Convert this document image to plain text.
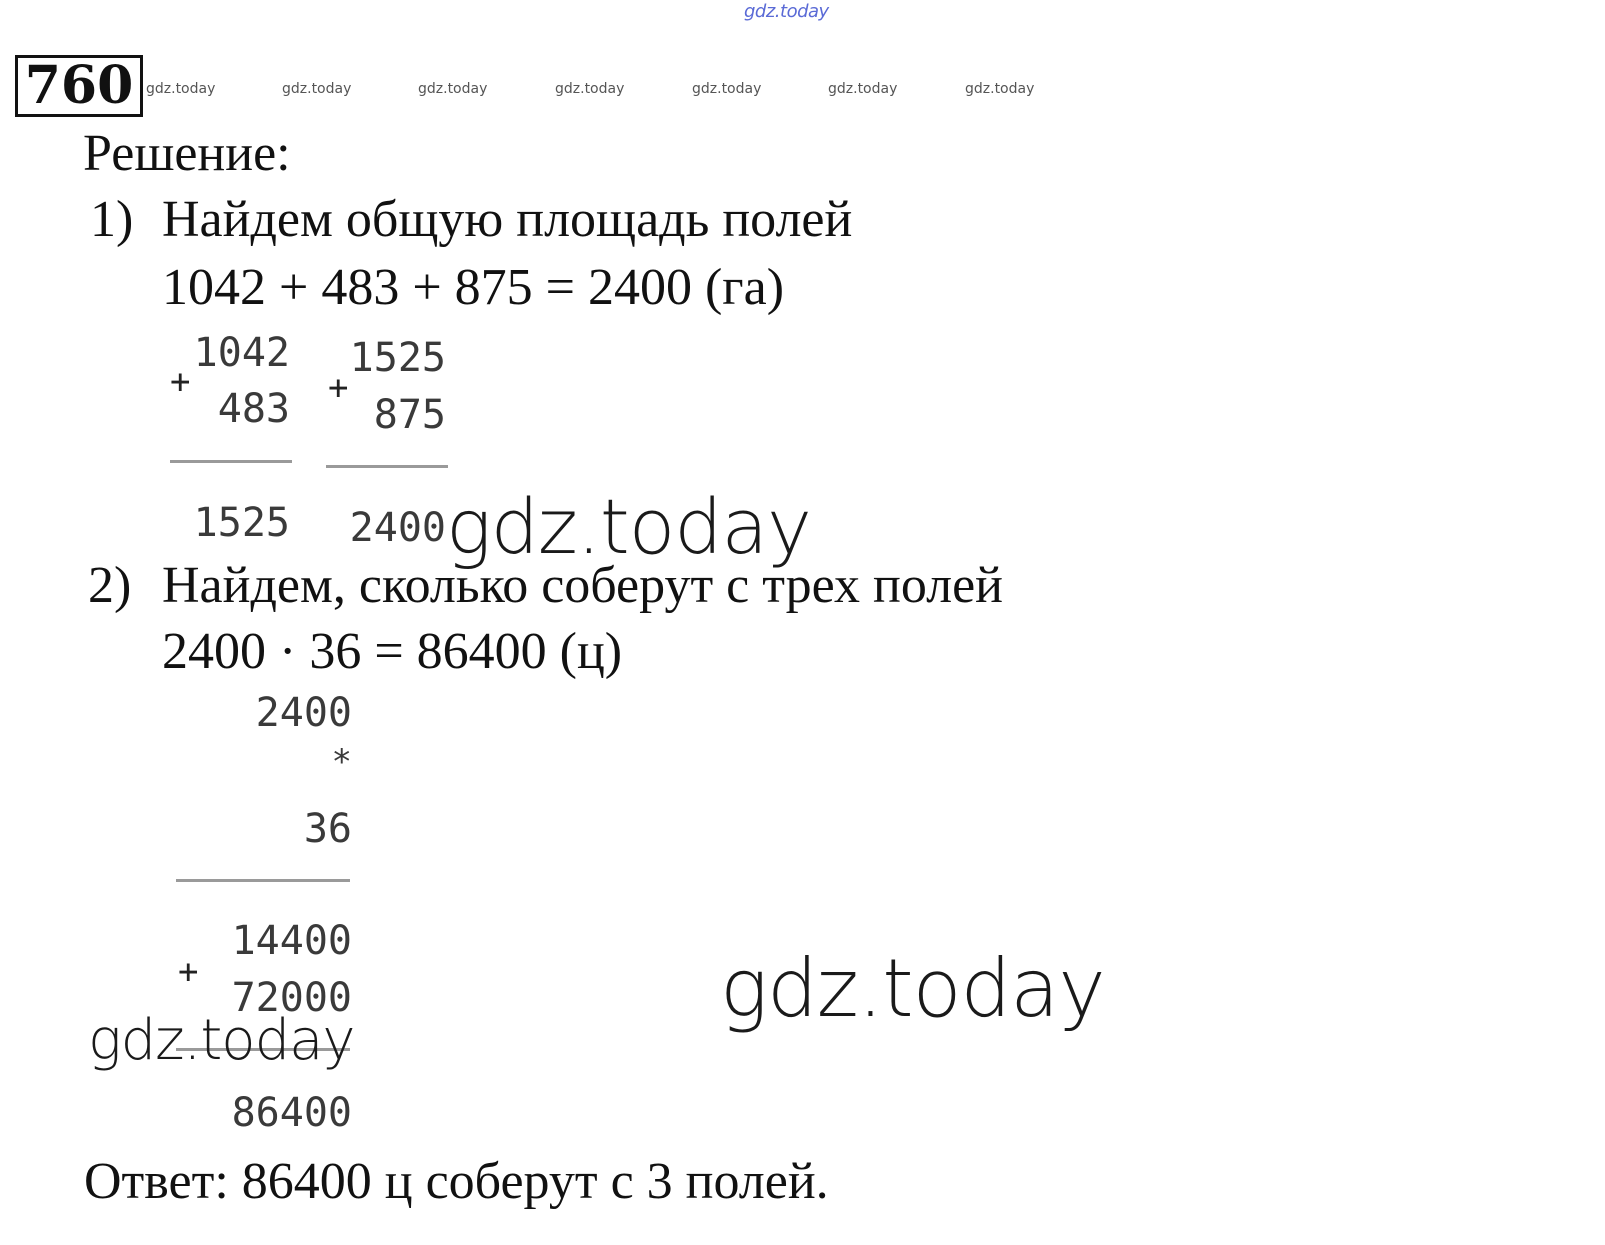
gdz.today
760 gdz.today	gdz.today	gdz.today	gdz.today	gdz.today	gdz.today	gdz.today
Решение:
1) Найдем общую площадь полей
1042 + 483 + 875 = 2400 (га)
1042
+
483
1525
1525
+
875
2400 gdz.today
2) Найдем, сколько соберут с трех полей
2400 · 36 = 86400 (ц)
2400
*
36
14400
+
72000
86400
gdz.today
gdz.today
Ответ: 86400 ц соберут с 3 полей.
